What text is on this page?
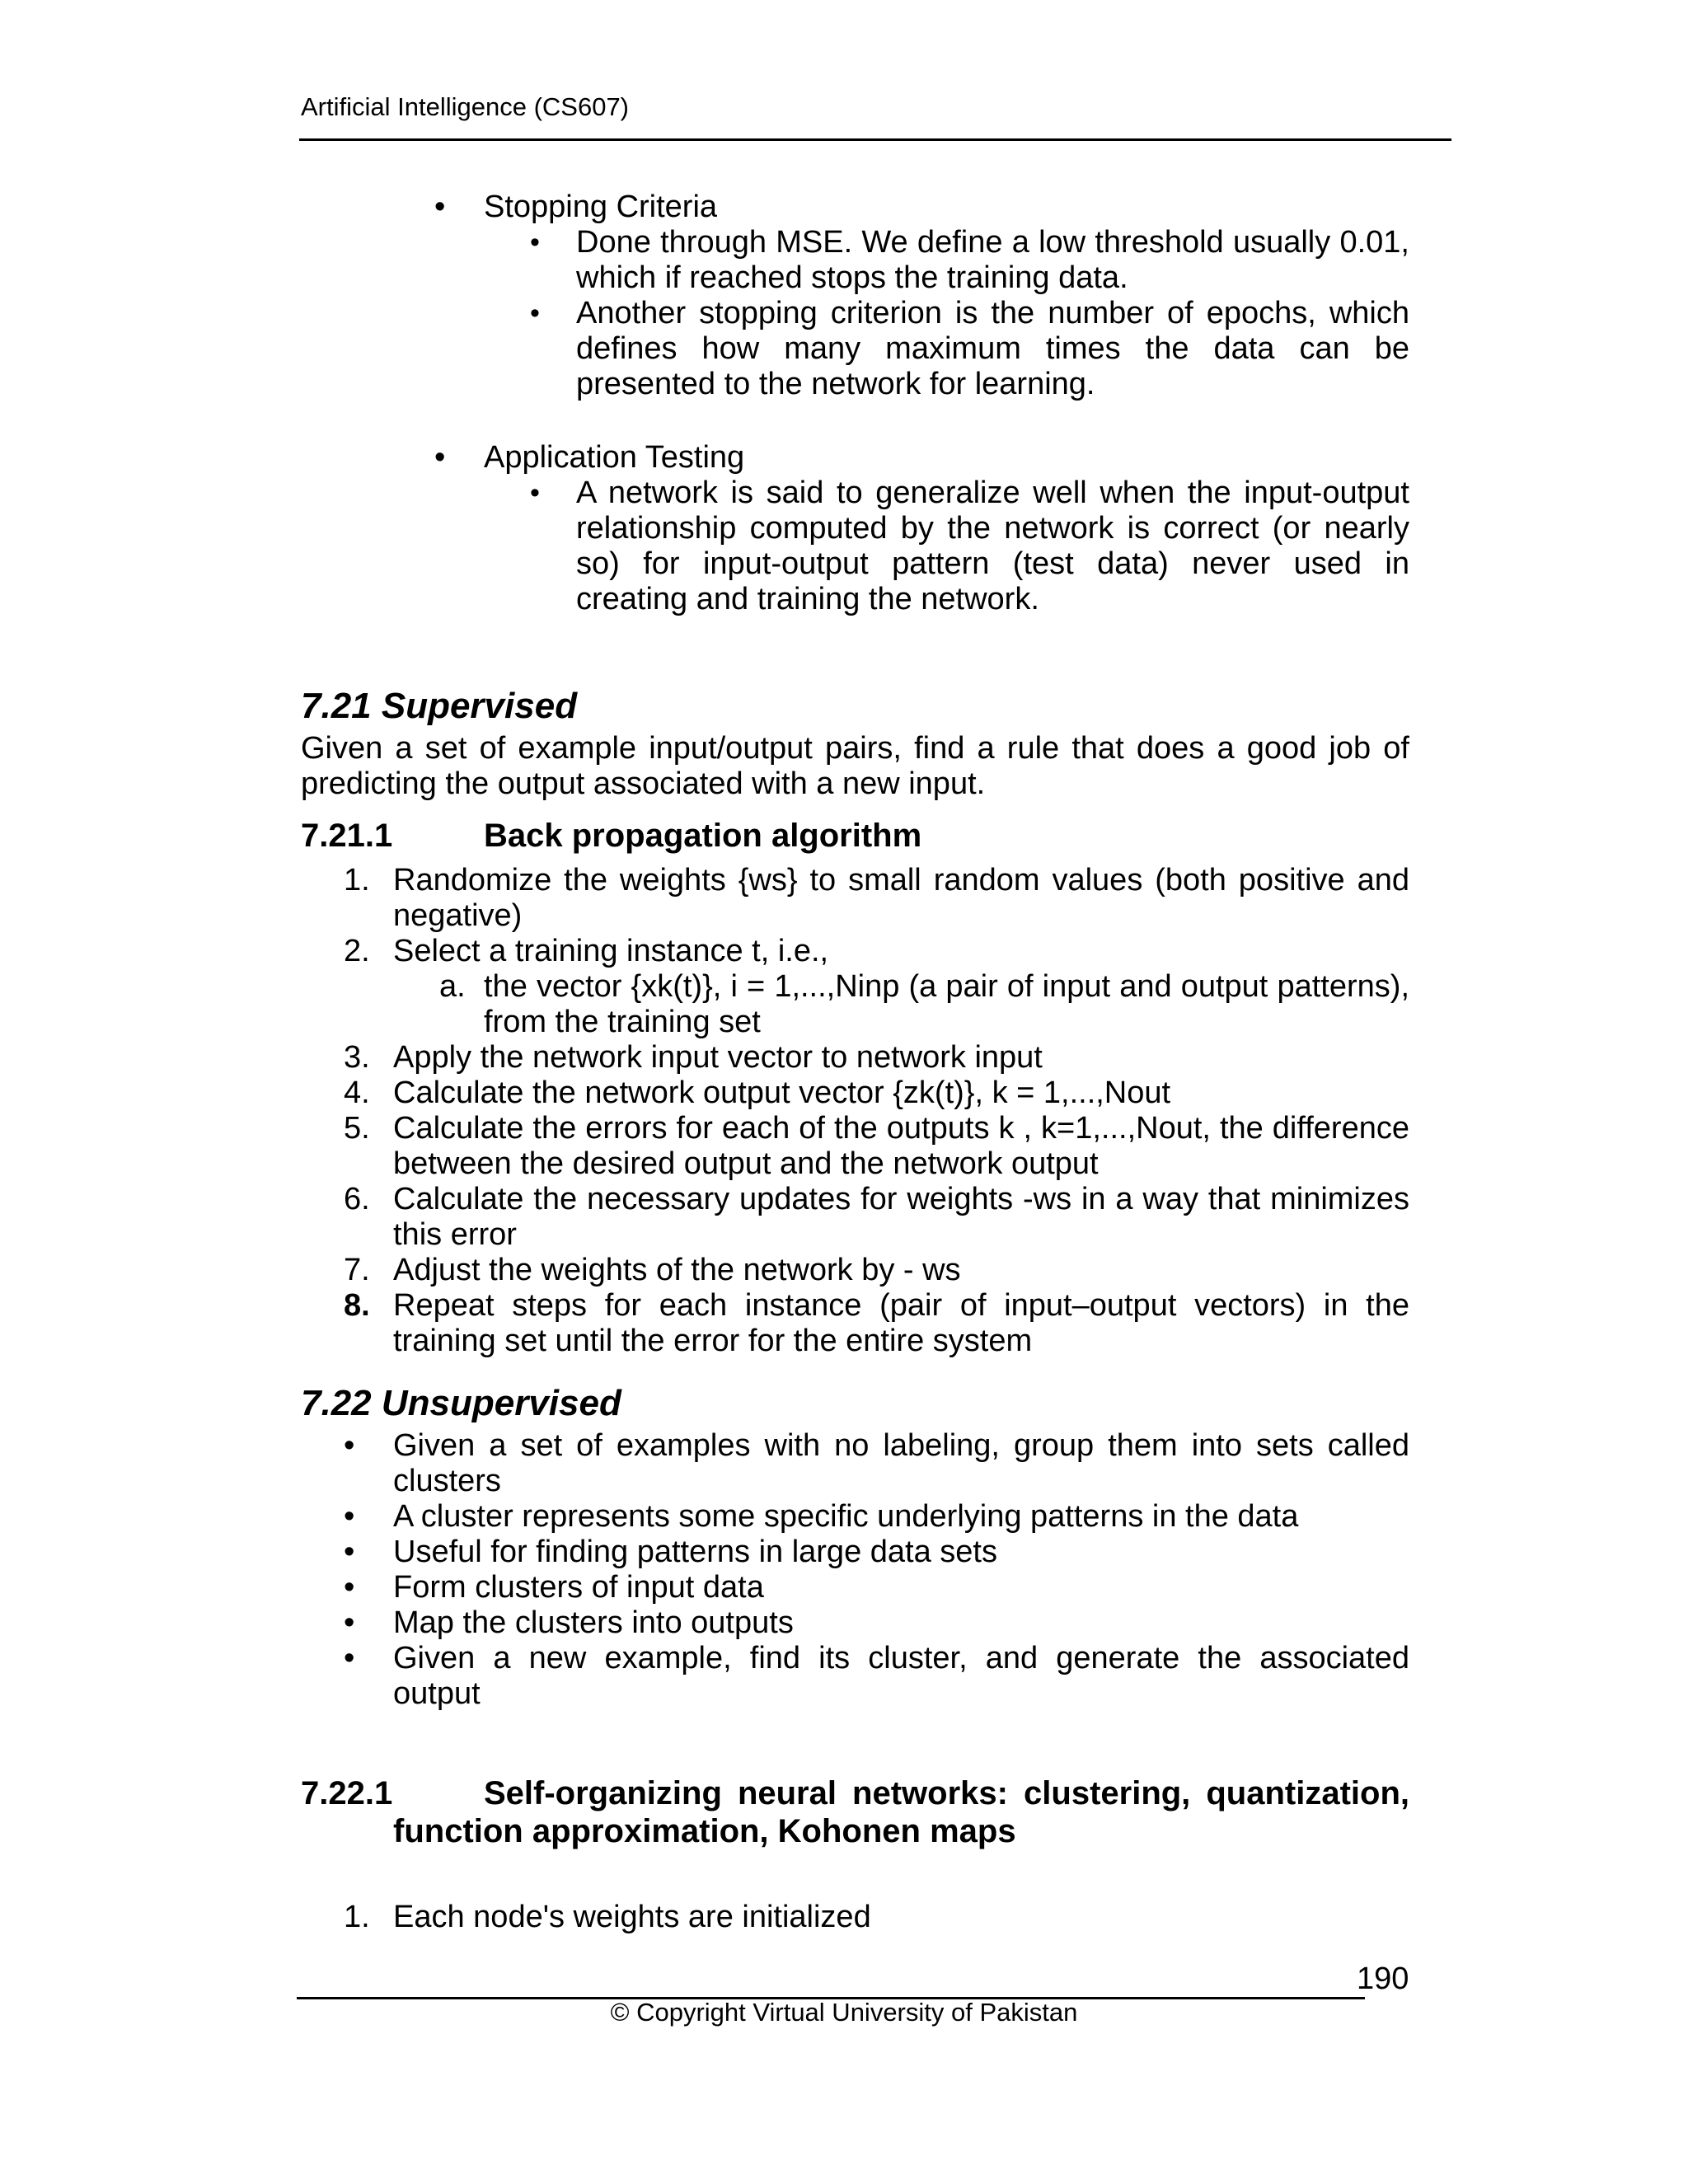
Artificial Intelligence (CS607)
• Stopping Criteria
• Done through MSE. We define a low threshold usually 0.01, which if reached stops the training data.
• Another stopping criterion is the number of epochs, which defines how many maximum times the data can be presented to the network for learning.
• Application Testing
• A network is said to generalize well when the input-output relationship computed by the network is correct (or nearly so) for input-output pattern (test data) never used in creating and training the network.
7.21 Supervised
Given a set of example input/output pairs, find a rule that does a good job of predicting the output associated with a new input.
7.21.1	Back propagation algorithm
1. Randomize the weights {ws} to small random values (both positive and negative)
2. Select a training instance t, i.e.,
a. the vector {xk(t)}, i = 1,...,Ninp (a pair of input and output patterns), from the training set
3. Apply the network input vector to network input
4. Calculate the network output vector {zk(t)}, k = 1,...,Nout
5. Calculate the errors for each of the outputs k , k=1,...,Nout, the difference between the desired output and the network output
6. Calculate the necessary updates for weights -ws in a way that minimizes this error
7. Adjust the weights of the network by - ws
8. Repeat steps for each instance (pair of input–output vectors) in the training set until the error for the entire system
7.22 Unsupervised
• Given a set of examples with no labeling, group them into sets called clusters
• A cluster represents some specific underlying patterns in the data
• Useful for finding patterns in large data sets
• Form clusters of input data
• Map the clusters into outputs
• Given a new example, find its cluster, and generate the associated output
7.22.1	Self-organizing neural networks: clustering, quantization, function approximation, Kohonen maps
1. Each node's weights are initialized
190
© Copyright Virtual University of Pakistan
